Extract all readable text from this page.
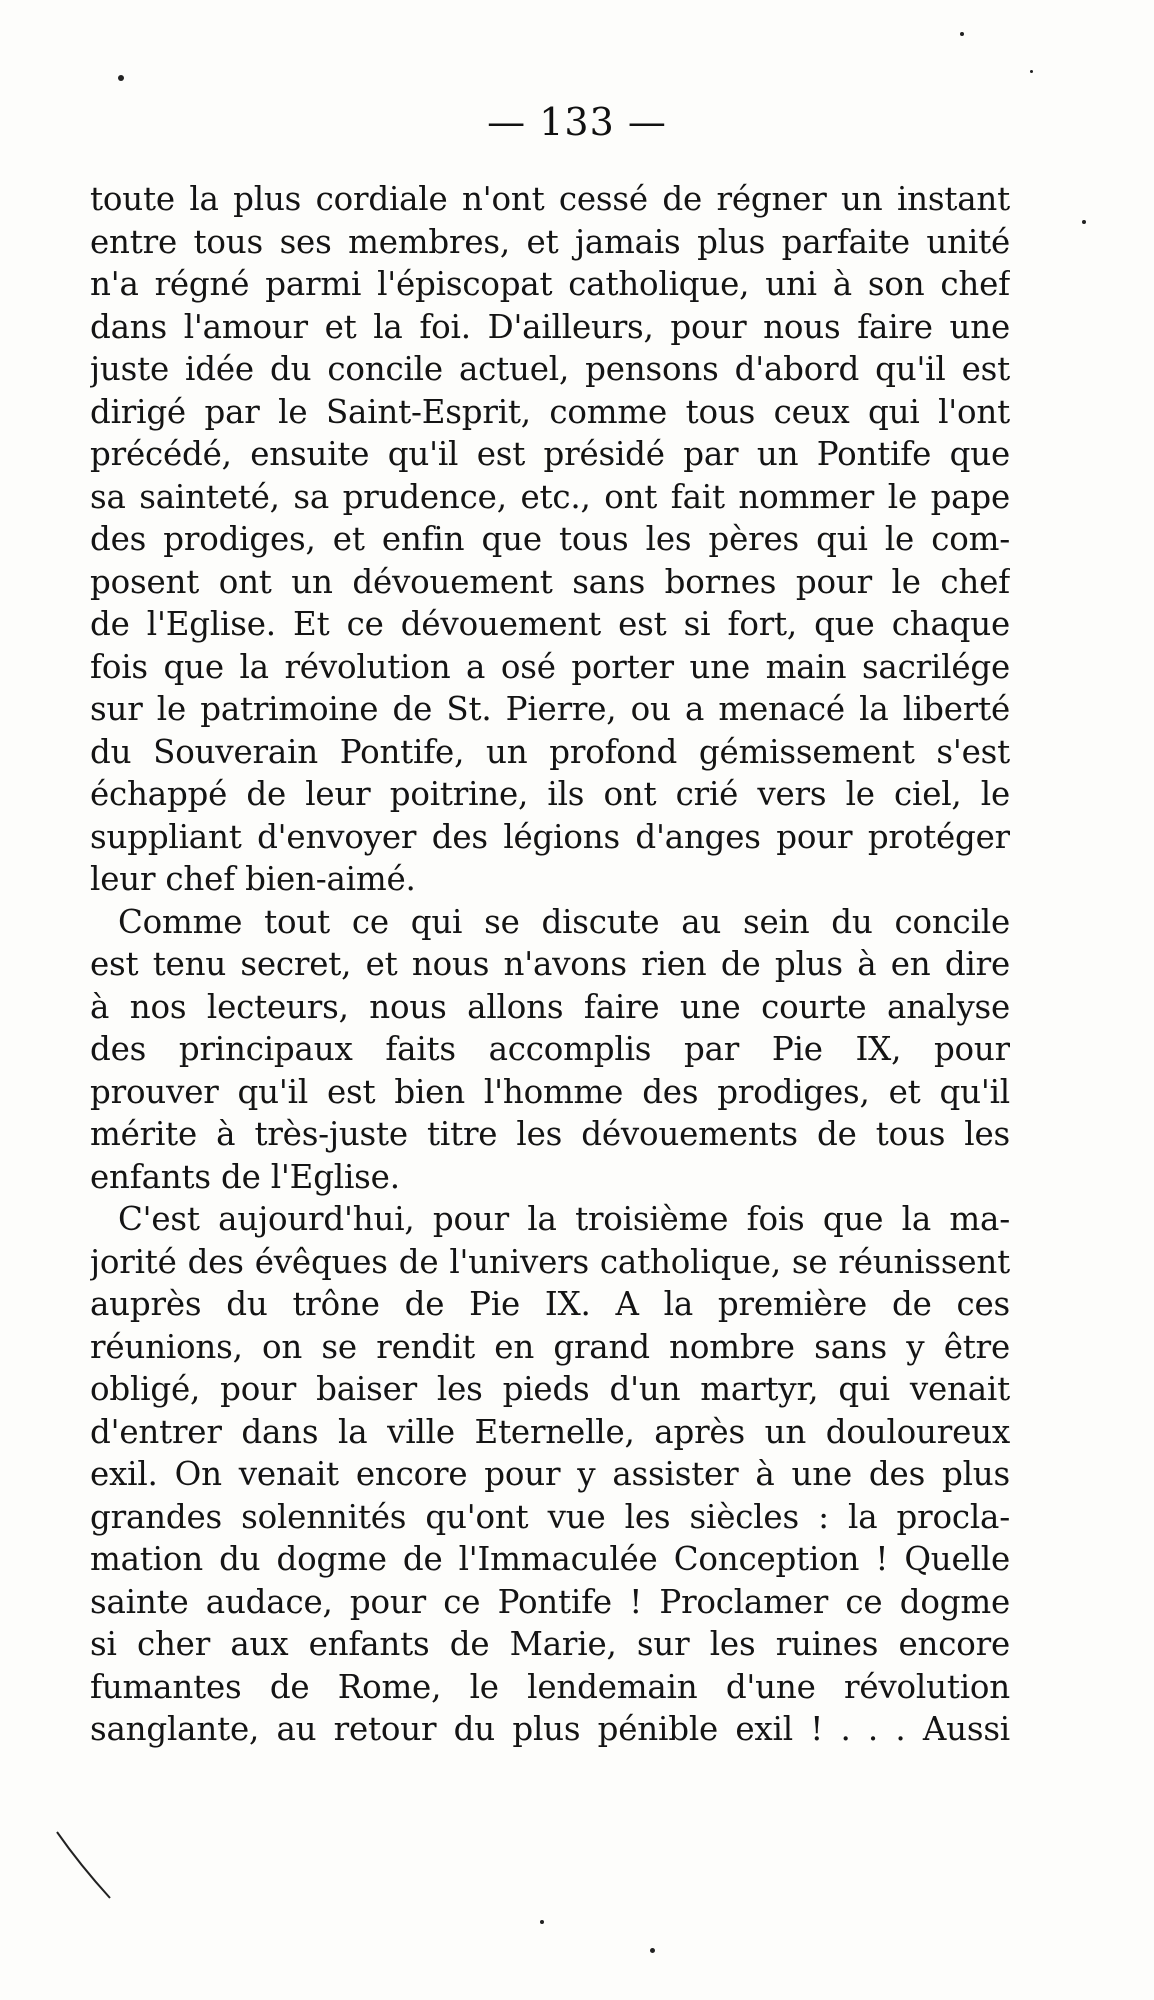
— 133 —
toute la plus cordiale n'ont cessé de régner un instant
entre tous ses membres, et jamais plus parfaite unité
n'a régné parmi l'épiscopat catholique, uni à son chef
dans l'amour et la foi. D'ailleurs, pour nous faire une
juste idée du concile actuel, pensons d'abord qu'il est
dirigé par le Saint-Esprit, comme tous ceux qui l'ont
précédé, ensuite qu'il est présidé par un Pontife que
sa sainteté, sa prudence, etc., ont fait nommer le pape
des prodiges, et enfin que tous les pères qui le com-
posent ont un dévouement sans bornes pour le chef
de l'Eglise. Et ce dévouement est si fort, que chaque
fois que la révolution a osé porter une main sacrilége
sur le patrimoine de St. Pierre, ou a menacé la liberté
du Souverain Pontife, un profond gémissement s'est
échappé de leur poitrine, ils ont crié vers le ciel, le
suppliant d'envoyer des légions d'anges pour protéger
leur chef bien-aimé.
Comme tout ce qui se discute au sein du concile
est tenu secret, et nous n'avons rien de plus à en dire
à nos lecteurs, nous allons faire une courte analyse
des principaux faits accomplis par Pie IX, pour
prouver qu'il est bien l'homme des prodiges, et qu'il
mérite à très-juste titre les dévouements de tous les
enfants de l'Eglise.
C'est aujourd'hui, pour la troisième fois que la ma-
jorité des évêques de l'univers catholique, se réunissent
auprès du trône de Pie IX. A la première de ces
réunions, on se rendit en grand nombre sans y être
obligé, pour baiser les pieds d'un martyr, qui venait
d'entrer dans la ville Eternelle, après un douloureux
exil. On venait encore pour y assister à une des plus
grandes solennités qu'ont vue les siècles : la procla-
mation du dogme de l'Immaculée Conception ! Quelle
sainte audace, pour ce Pontife ! Proclamer ce dogme
si cher aux enfants de Marie, sur les ruines encore
fumantes de Rome, le lendemain d'une révolution
sanglante, au retour du plus pénible exil ! . . . Aussi
